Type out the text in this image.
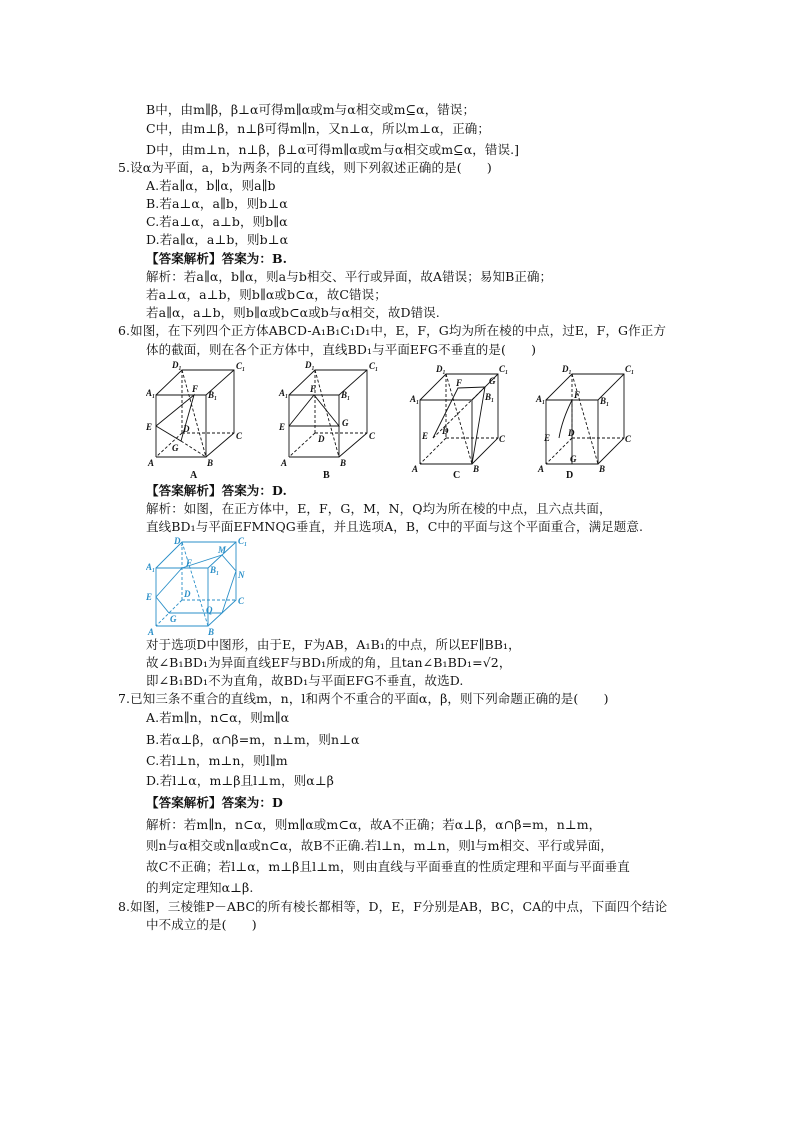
B中，由m∥β，β⊥α可得m∥α或m与α相交或m⊆α，错误；
C中，由m⊥β，n⊥β可得m∥n，又n⊥α，所以m⊥α，正确；
D中，由m⊥n，n⊥β，β⊥α可得m∥α或m与α相交或m⊆α，错误.]
5.设α为平面，a，b为两条不同的直线，则下列叙述正确的是(　　)
A.若a∥α，b∥α，则a∥b
B.若a⊥α，a∥b，则b⊥α
C.若a⊥α，a⊥b，则b∥α
D.若a∥α，a⊥b，则b⊥α
【答案解析】答案为：B.
解析：若a∥α，b∥α，则a与b相交、平行或异面，故A错误；易知B正确；
若a⊥α，a⊥b，则b∥α或b⊂α，故C错误；
若a∥α，a⊥b，则b∥α或b⊂α或b与α相交，故D错误.
6.如图，在下列四个正方体ABCD-A₁B₁C₁D₁中，E，F，G均为所在棱的中点，过E，F，G作正方
体的截面，则在各个正方体中，直线BD₁与平面EFG不垂直的是(　　)
D₁	C₁
A₁	B₁
F
E	D
C
G
A	B
A
D₁	C₁
A₁	B₁
F
E
D	C
G
A	B
B
D₁	C₁
A₁	B₁
F
E D
C
G
A	B
C
D₁	C₁
A₁	B₁
F
E D
C
G
A	B
D
【答案解析】答案为：D.
解析：如图，在正方体中，E，F，G，M，N，Q均为所在棱的中点，且六点共面，
直线BD₁与平面EFMNQG垂直，并且选项A，B，C中的平面与这个平面重合，满足题意.
D₁	C₁
A₁	B₁
F
E	D
C
M
N
Q
G
A	B
对于选项D中图形，由于E，F为AB，A₁B₁的中点，所以EF∥BB₁，
故∠B₁BD₁为异面直线EF与BD₁所成的角，且tan∠B₁BD₁=√2，
即∠B₁BD₁不为直角，故BD₁与平面EFG不垂直，故选D.
7.已知三条不重合的直线m，n，l和两个不重合的平面α，β，则下列命题正确的是(　　)
A.若m∥n，n⊂α，则m∥α
B.若α⊥β，α∩β=m，n⊥m，则n⊥α
C.若l⊥n，m⊥n，则l∥m
D.若l⊥α，m⊥β且l⊥m，则α⊥β
【答案解析】答案为：D
解析：若m∥n，n⊂α，则m∥α或m⊂α，故A不正确；若α⊥β，α∩β=m，n⊥m，
则n与α相交或n∥α或n⊂α，故B不正确.若l⊥n，m⊥n，则l与m相交、平行或异面，
故C不正确；若l⊥α，m⊥β且l⊥m，则由直线与平面垂直的性质定理和平面与平面垂直
的判定定理知α⊥β.
8.如图，三棱锥P－ABC的所有棱长都相等，D，E，F分别是AB，BC，CA的中点，下面四个结论
中不成立的是(　　)
